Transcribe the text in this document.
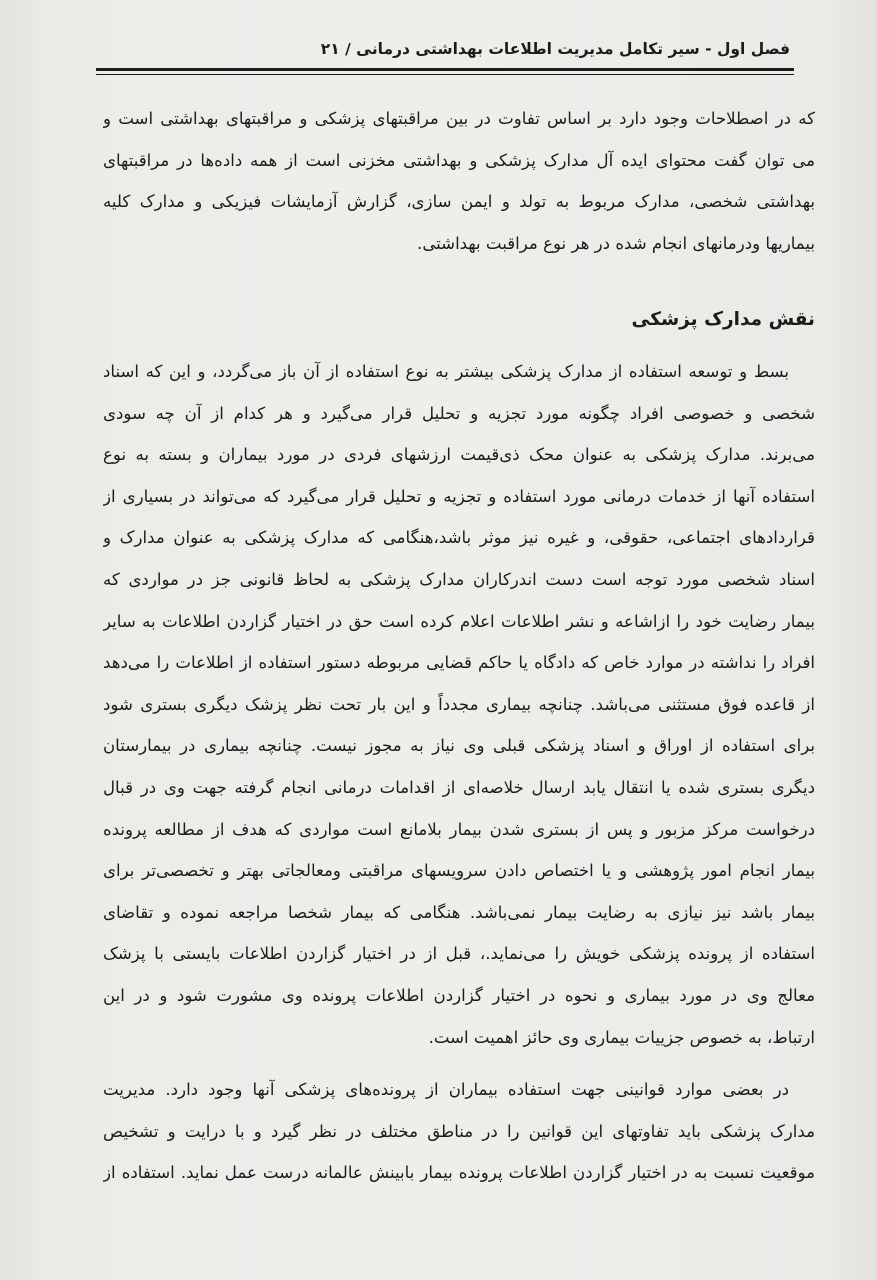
فصل اول - سیر تکامل مدیریت اطلاعات بهداشتی درمانی / ۲۱
که در اصطلاحات وجود دارد بر اساس تفاوت در بین مراقبتهای پزشکی و مراقبتهای بهداشتی است و
می توان گفت محتوای ایده آل مدارک پزشکی و بهداشتی مخزنی است از همه داده‌ها در مراقبتهای
بهداشتی شخصی، مدارک مربوط به تولد و ایمن سازی، گزارش آزمایشات فیزیکی و مدارک کلیه
بیماریها ودرمانهای انجام شده در هر نوع مراقبت بهداشتی.
نقش مدارک پزشکی
بسط و توسعه استفاده از مدارک پزشکی بیشتر به نوع استفاده از آن باز می‌گردد، و این که اسناد
شخصی و خصوصی افراد چگونه مورد تجزیه و تحلیل قرار می‌گیرد و هر کدام از آن چه سودی
می‌برند. مدارک پزشکی به عنوان محک ذی‌قیمت ارزشهای فردی در مورد بیماران و بسته به نوع
استفاده آنها از خدمات درمانی مورد استفاده و تجزیه و تحلیل قرار می‌گیرد که می‌تواند در بسیاری از
قراردادهای اجتماعی، حقوقی، و غیره نیز موثر باشد،هنگامی که مدارک پزشکی به عنوان مدارک و
اسناد شخصی مورد توجه است دست اندرکاران مدارک پزشکی به لحاظ قانونی جز در مواردی که
بیمار رضایت خود را ازاشاعه و نشر اطلاعات اعلام کرده است حق در اختیار گزاردن اطلاعات به سایر
افراد را نداشته در موارد خاص که دادگاه یا حاکم قضایی مربوطه دستور استفاده از اطلاعات را می‌دهد
از قاعده فوق مستثنی می‌باشد. چنانچه بیماری مجدداً و این بار تحت نظر پزشک دیگری بستری شود
برای استفاده از اوراق و اسناد پزشکی قبلی وی نیاز به مجوز نیست. چنانچه بیماری در بیمارستان
دیگری بستری شده یا انتقال یابد ارسال خلاصه‌ای از اقدامات درمانی انجام گرفته جهت وی در قبال
درخواست مرکز مزبور و پس از بستری شدن بیمار بلامانع است مواردی که هدف از مطالعه پرونده
بیمار انجام امور پژوهشی و یا اختصاص دادن سرویسهای مراقبتی ومعالجاتی بهتر و تخصصی‌تر برای
بیمار باشد نیز نیازی به رضایت بیمار نمی‌باشد. هنگامی که بیمار شخصا مراجعه نموده و تقاضای
استفاده از پرونده پزشکی خویش را می‌نماید.، قبل از در اختیار گزاردن اطلاعات بایستی با پزشک
معالج وی در مورد بیماری و نحوه در اختیار گزاردن اطلاعات پرونده وی مشورت شود و در این
ارتباط، به خصوص جزییات بیماری وی حائز اهمیت است.
در بعضی موارد قوانینی جهت استفاده بیماران از پرونده‌های پزشکی آنها وجود دارد. مدیریت
مدارک پزشکی باید تفاوتهای این قوانین را در مناطق مختلف در نظر گیرد و با درایت و تشخیص
موقعیت نسبت به در اختیار گزاردن اطلاعات پرونده بیمار بابینش عالمانه درست عمل نماید. استفاده از
